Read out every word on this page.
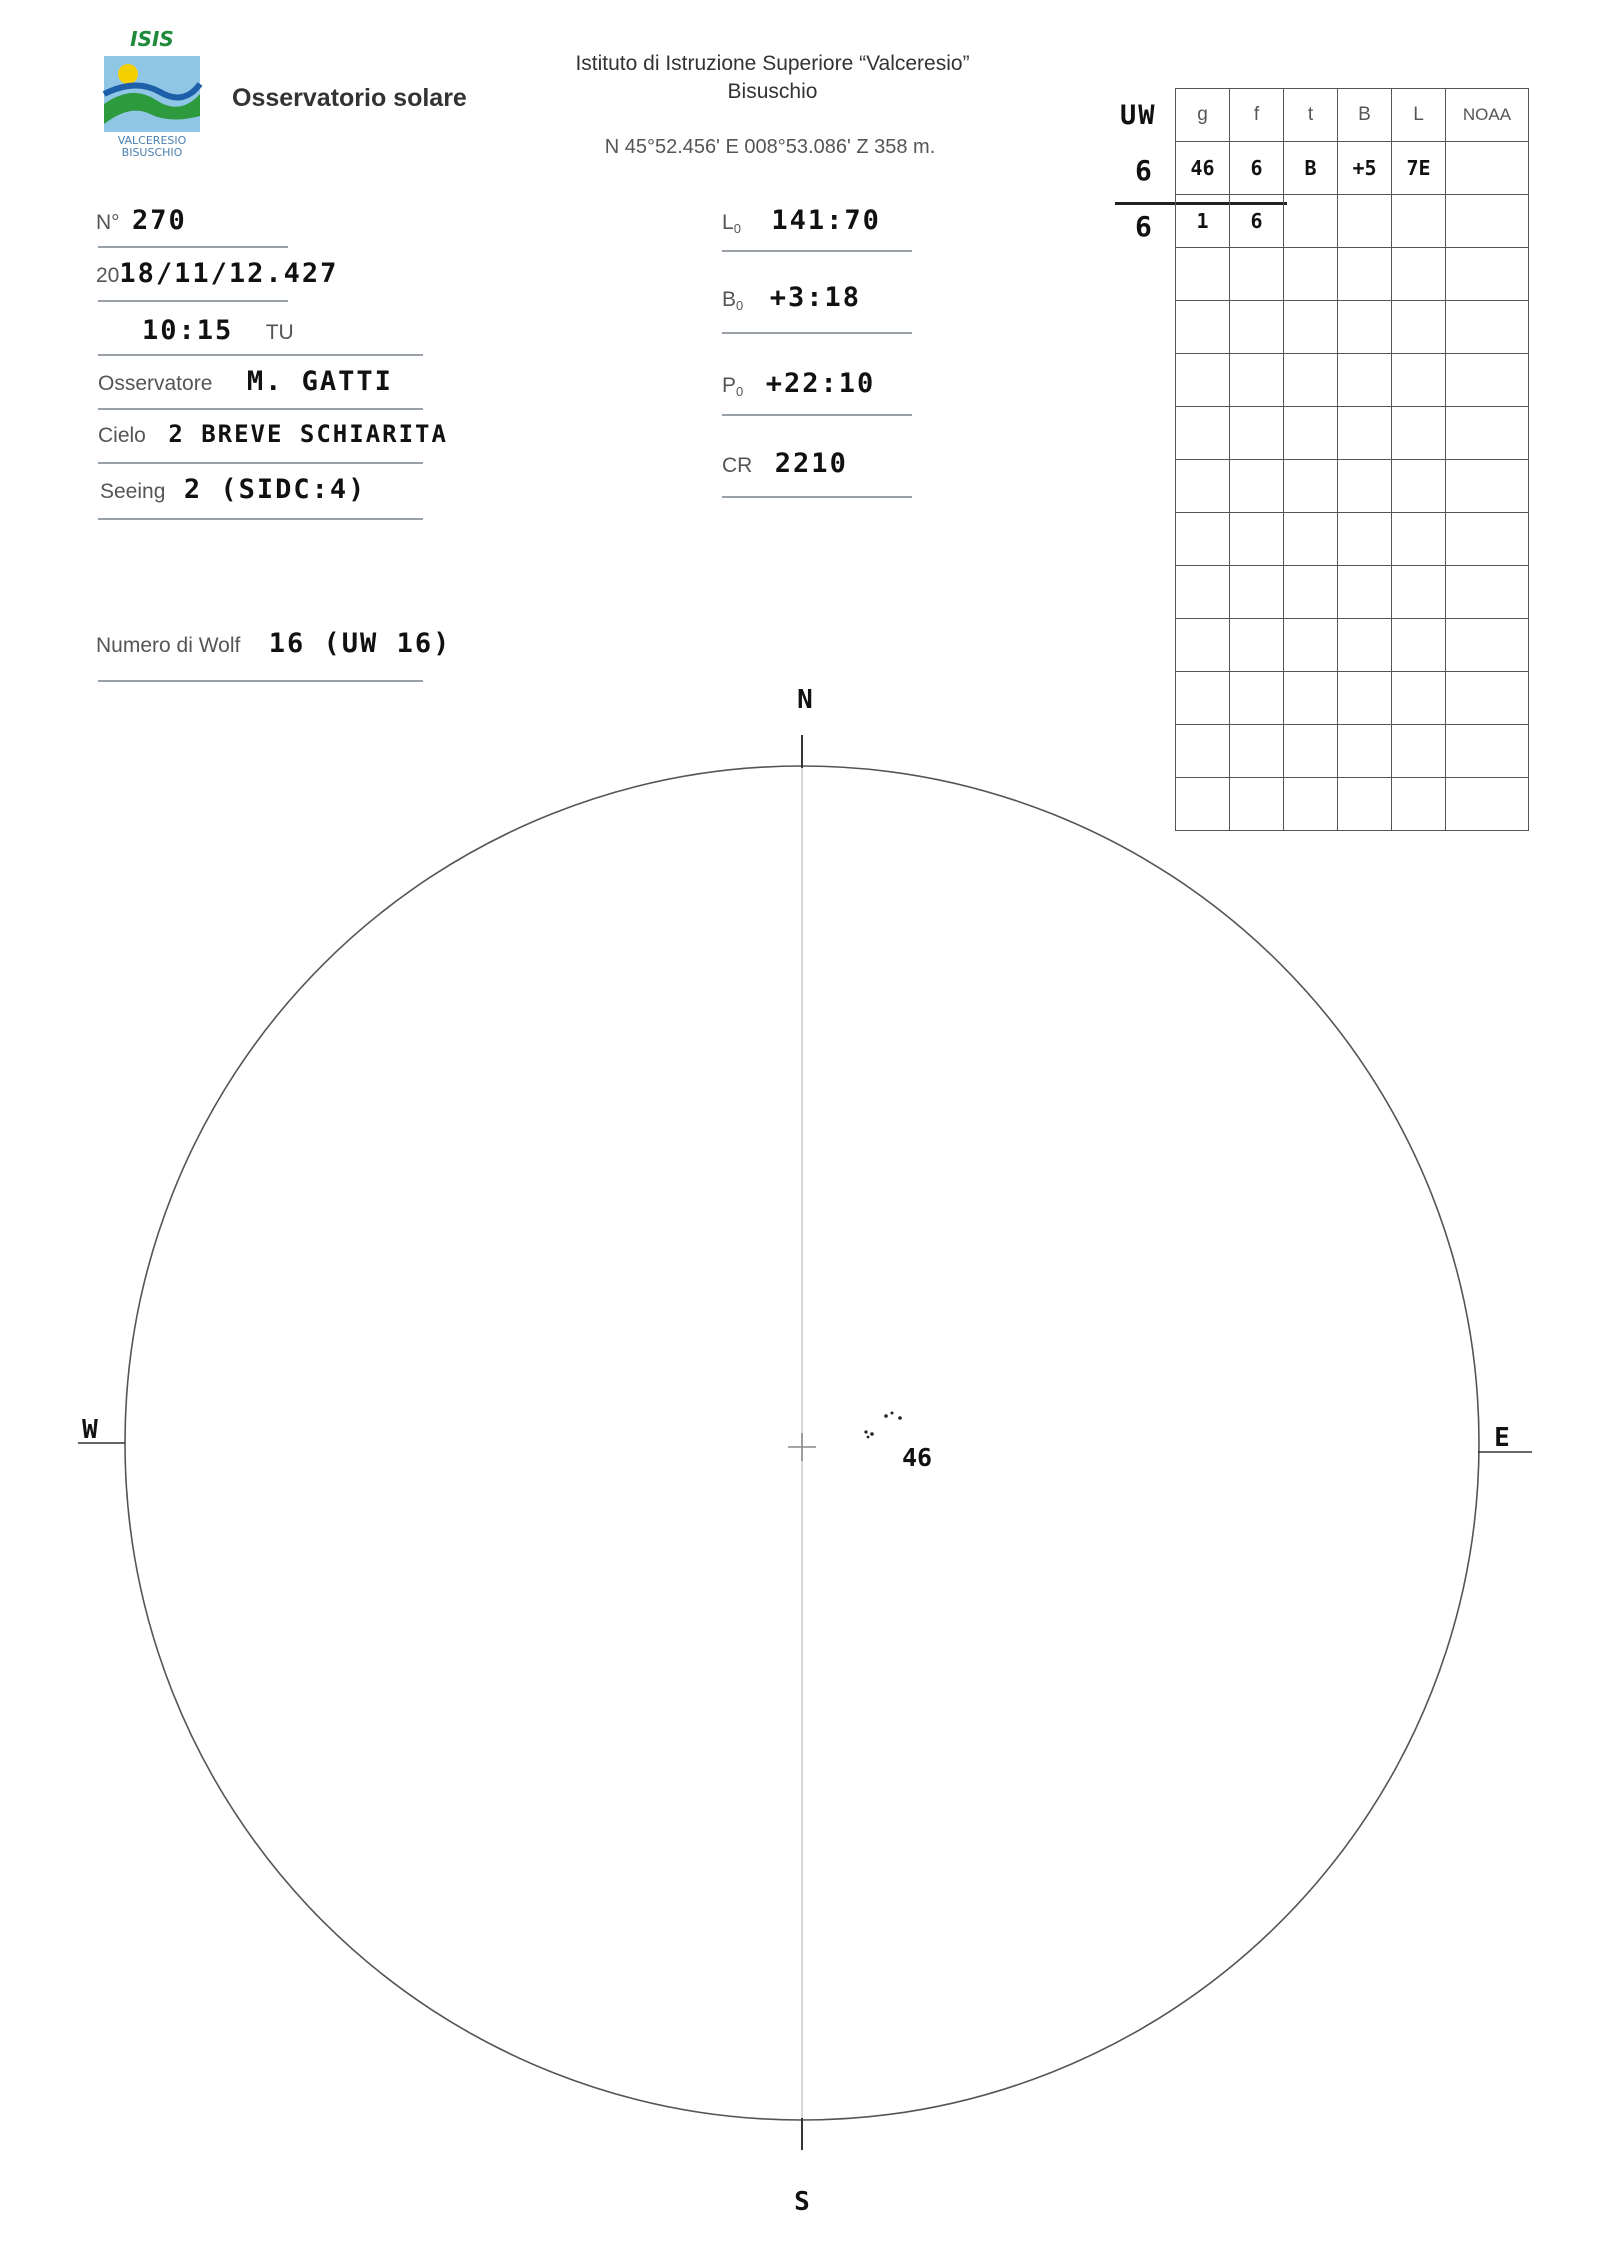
ISIS
VALCERESIO
BISUSCHIO
Osservatorio solare
Istituto di Istruzione Superiore “Valceresio”
Bisuschio
N 45°52.456' E 008°53.086' Z 358 m.
N° 270
2018/11/12.427
10:15 TU
Osservatore M. GATTI
Cielo 2 BREVE SCHIARITA
Seeing 2 (SIDC:4)
Numero di Wolf 16 (UW 16)
$L_0$ 141:70
$B_0$ +3:18
$P_0$ +22:10
CR 2210
UW
6
6
g	f	t	B	L	NOAA
46	6	B	+5	7E	
1	6				

N
S
E
W
46
